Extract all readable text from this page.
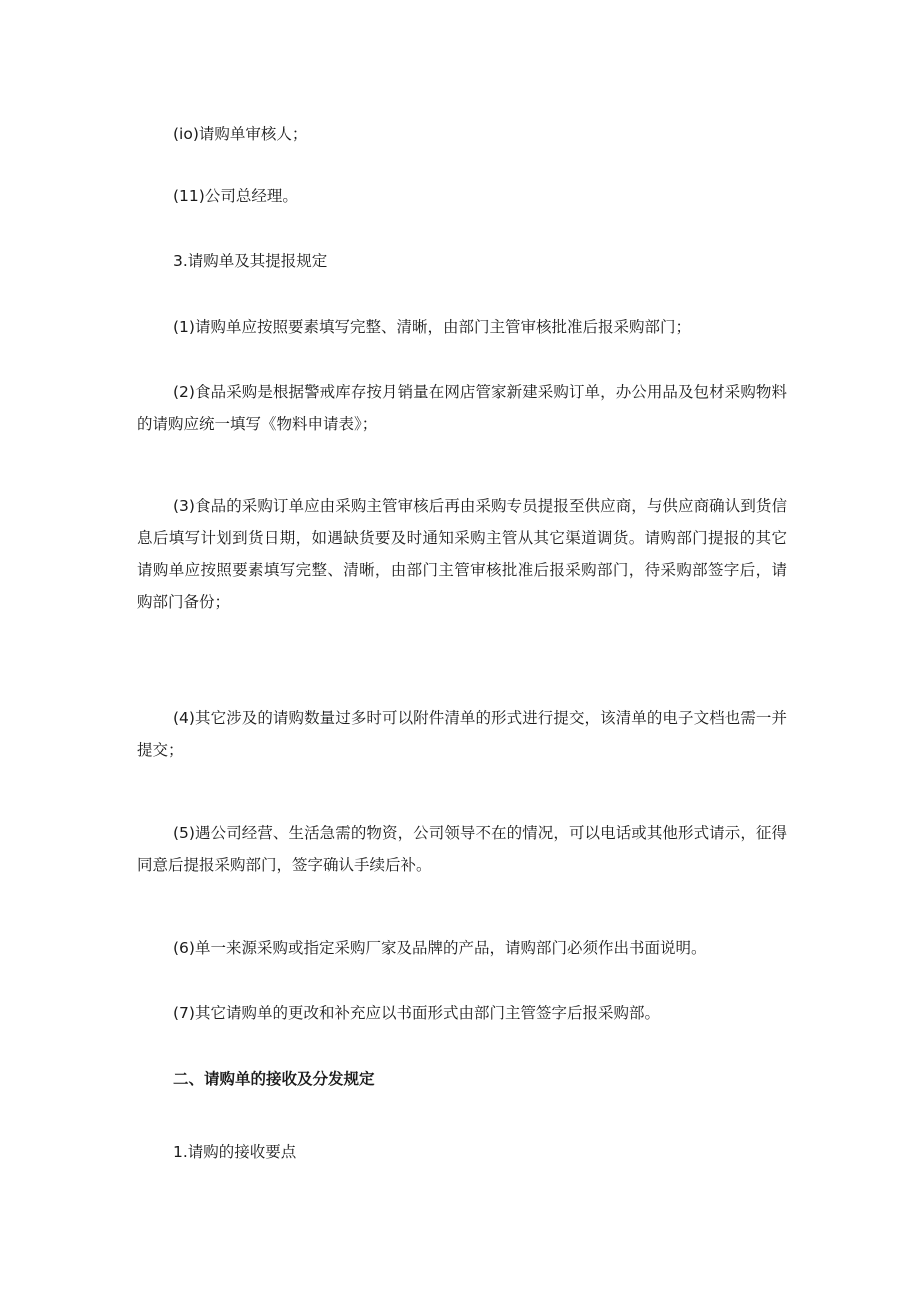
(io)请购单审核人；

(11)公司总经理。

3.请购单及其提报规定

(1)请购单应按照要素填写完整、清晰，由部门主管审核批准后报采购部门；

(2)食品采购是根据警戒库存按月销量在网店管家新建采购订单，办公用品及包材采购物料的请购应统一填写《物料申请表》；

(3)食品的采购订单应由采购主管审核后再由采购专员提报至供应商，与供应商确认到货信息后填写计划到货日期，如遇缺货要及时通知采购主管从其它渠道调货。请购部门提报的其它请购单应按照要素填写完整、清晰，由部门主管审核批准后报采购部门，待采购部签字后，请购部门备份；

(4)其它涉及的请购数量过多时可以附件清单的形式进行提交，该清单的电子文档也需一并提交；

(5)遇公司经营、生活急需的物资，公司领导不在的情况，可以电话或其他形式请示，征得同意后提报采购部门，签字确认手续后补。

(6)单一来源采购或指定采购厂家及品牌的产品，请购部门必须作出书面说明。

(7)其它请购单的更改和补充应以书面形式由部门主管签字后报采购部。

二、请购单的接收及分发规定

1.请购的接收要点
